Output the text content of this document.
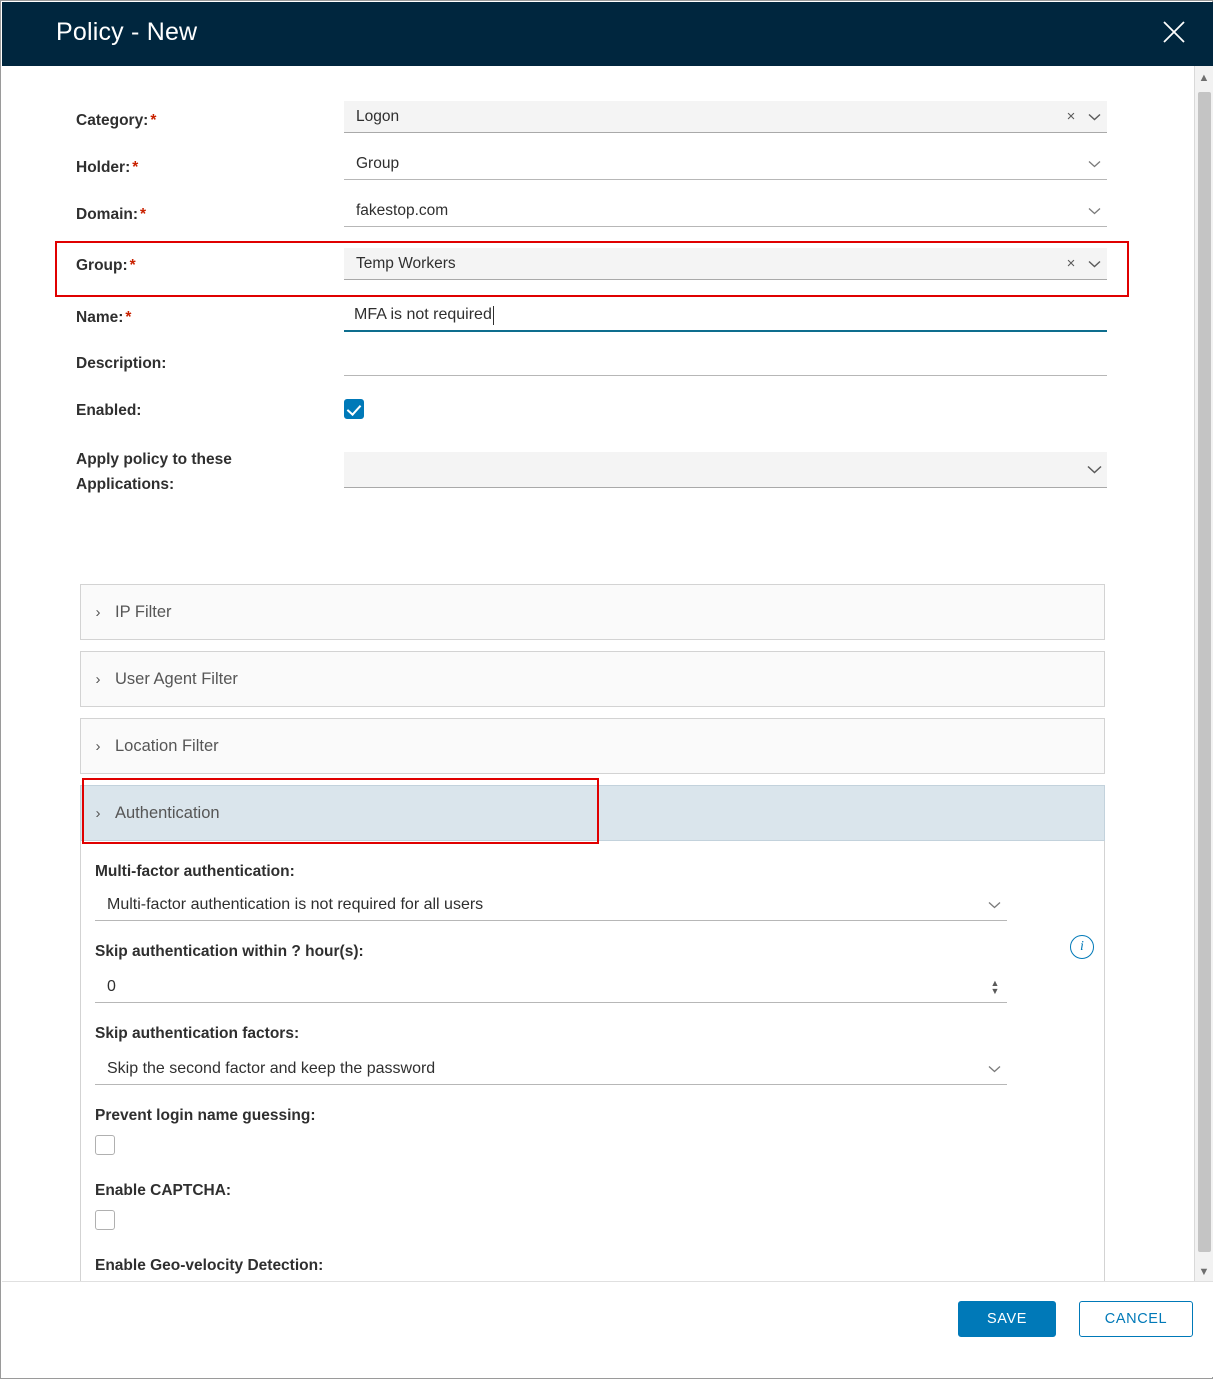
Policy - New
Category: *	Logon	×
Holder: *	Group
Domain: *	fakestop.com
Group: *	Temp Workers	×
Name: *	MFA is not required
Description:
Enabled:
Apply policy to these Applications:
› IP Filter
› User Agent Filter
› Location Filter
› Authentication
Multi-factor authentication:
Multi-factor authentication is not required for all users
Skip authentication within ? hour(s):
0	▲
▼
i
Skip authentication factors:
Skip the second factor and keep the password
Prevent login name guessing:
Enable CAPTCHA:
Enable Geo-velocity Detection:
▲
▼
SAVE	CANCEL
